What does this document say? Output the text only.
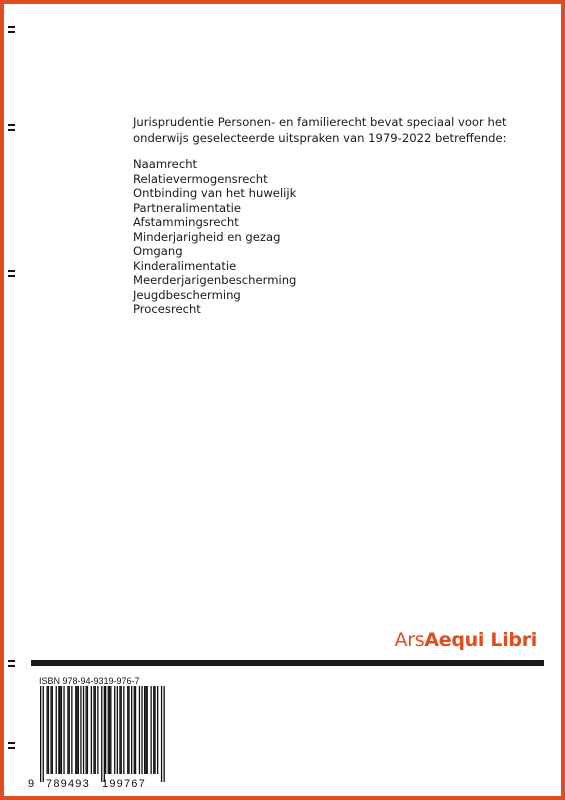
Jurisprudentie Personen- en familierecht bevat speciaal voor het onderwijs geselecteerde uitspraken van 1979-2022 betreffende:

Naamrecht
Relatievermogensrecht
Ontbinding van het huwelijk
Partneralimentatie
Afstammingsrecht
Minderjarigheid en gezag
Omgang
Kinderalimentatie
Meerderjarigenbescherming
Jeugdbescherming
Procesrecht
ArsAequi Libri
ISBN 978-94-9319-976-7
9 789493 199767
